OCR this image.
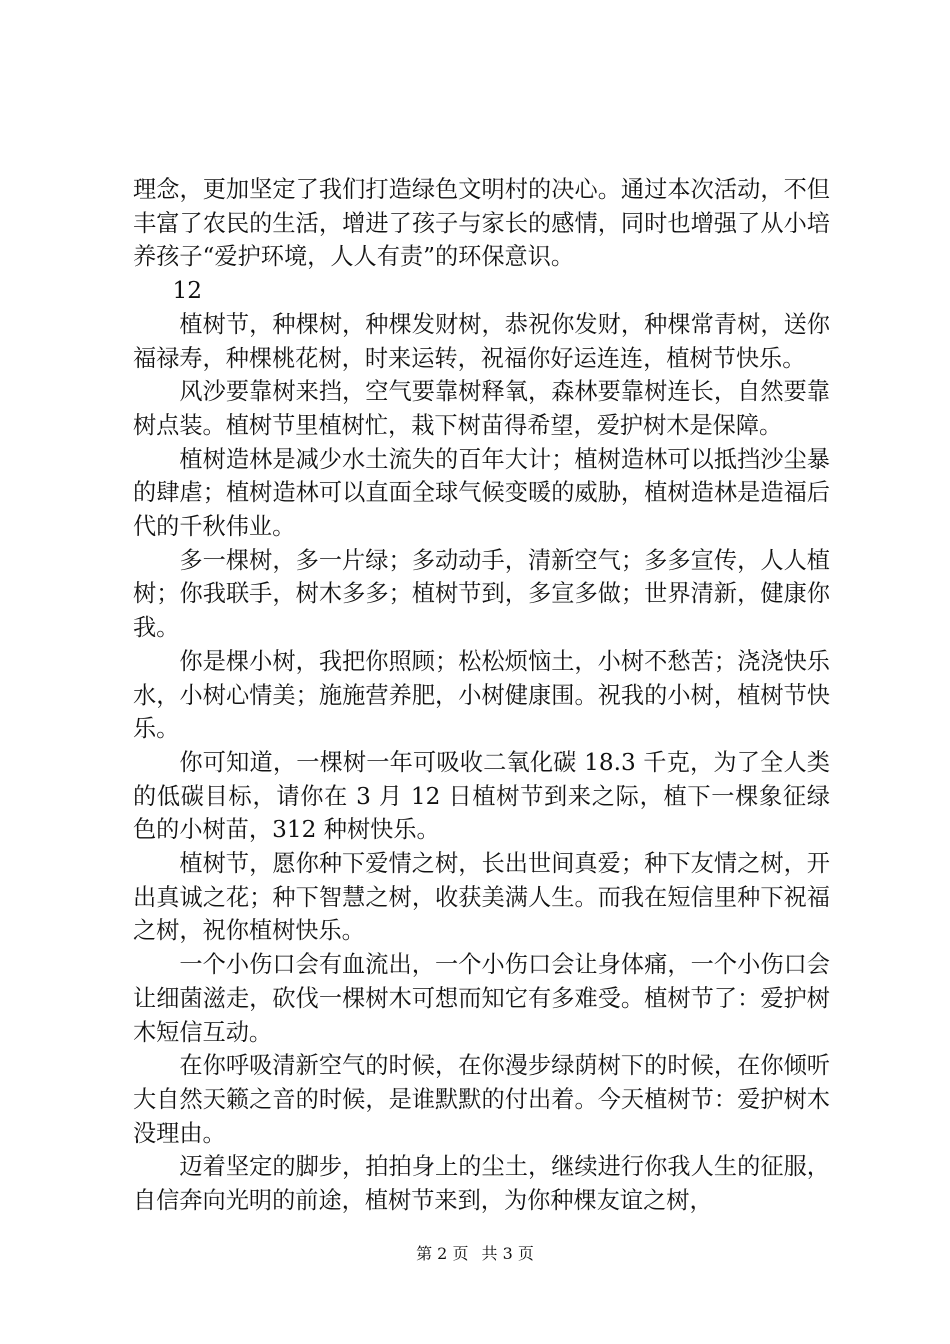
理念，更加坚定了我们打造绿色文明村的决心。通过本次活动，不但丰富了农民的生活，增进了孩子与家长的感情，同时也增强了从小培养孩子“爱护环境，人人有责”的环保意识。

12

植树节，种棵树，种棵发财树，恭祝你发财，种棵常青树，送你福禄寿，种棵桃花树，时来运转，祝福你好运连连，植树节快乐。

风沙要靠树来挡，空气要靠树释氧，森林要靠树连长，自然要靠树点装。植树节里植树忙，栽下树苗得希望，爱护树木是保障。

植树造林是减少水土流失的百年大计；植树造林可以抵挡沙尘暴的肆虐；植树造林可以直面全球气候变暖的威胁，植树造林是造福后代的千秋伟业。

多一棵树，多一片绿；多动动手，清新空气；多多宣传，人人植树；你我联手，树木多多；植树节到，多宣多做；世界清新，健康你我。

你是棵小树，我把你照顾；松松烦恼土，小树不愁苦；浇浇快乐水，小树心情美；施施营养肥，小树健康围。祝我的小树，植树节快乐。

你可知道，一棵树一年可吸收二氧化碳 18.3 千克，为了全人类的低碳目标，请你在 3 月 12 日植树节到来之际，植下一棵象征绿色的小树苗，312 种树快乐。

植树节，愿你种下爱情之树，长出世间真爱；种下友情之树，开出真诚之花；种下智慧之树，收获美满人生。而我在短信里种下祝福之树，祝你植树快乐。

一个小伤口会有血流出，一个小伤口会让身体痛，一个小伤口会让细菌滋走，砍伐一棵树木可想而知它有多难受。植树节了：爱护树木短信互动。

在你呼吸清新空气的时候，在你漫步绿荫树下的时候，在你倾听大自然天籁之音的时候，是谁默默的付出着。今天植树节：爱护树木没理由。

迈着坚定的脚步，拍拍身上的尘土，继续进行你我人生的征服，自信奔向光明的前途，植树节来到，为你种棵友谊之树，

第 2 页 共 3 页
